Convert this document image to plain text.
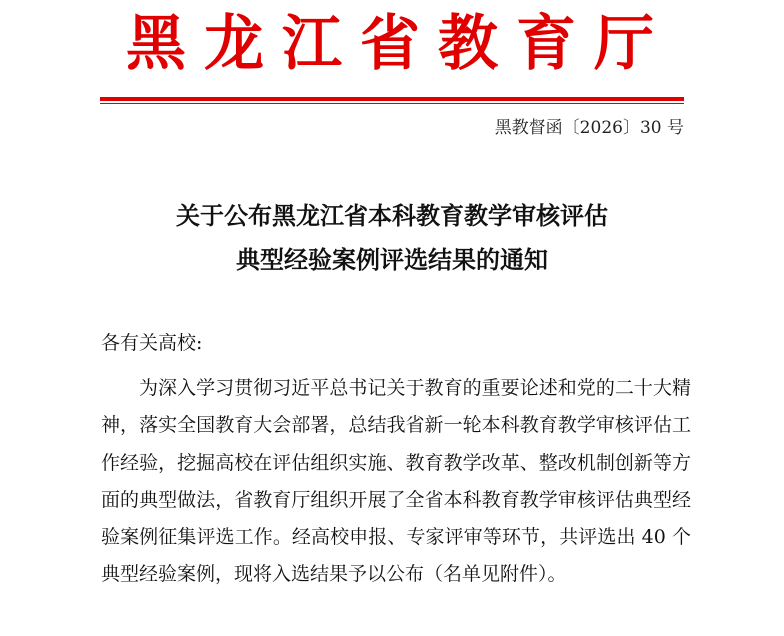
黑龙江省教育厅
黑教督函〔2026〕30 号
关于公布黑龙江省本科教育教学审核评估
典型经验案例评选结果的通知
各有关高校:

为深入学习贯彻习近平总书记关于教育的重要论述和党的二十大精神，落实全国教育大会部署，总结我省新一轮本科教育教学审核评估工作经验，挖掘高校在评估组织实施、教育教学改革、整改机制创新等方面的典型做法，省教育厅组织开展了全省本科教育教学审核评估典型经验案例征集评选工作。经高校申报、专家评审等环节，共评选出 40 个典型经验案例，现将入选结果予以公布（名单见附件）。
